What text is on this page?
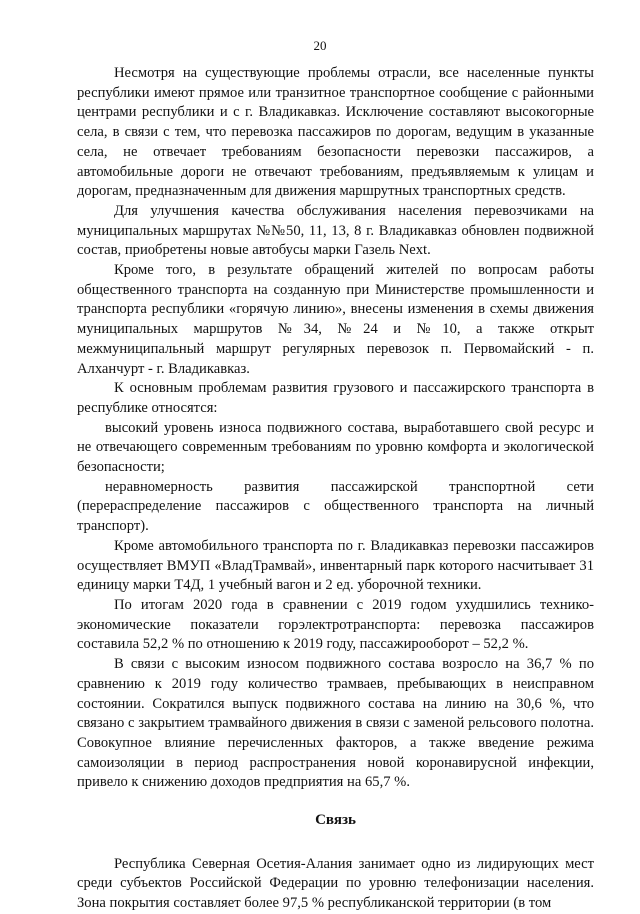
20

Несмотря на существующие проблемы отрасли, все населенные пункты республики имеют прямое или транзитное транспортное сообщение с районными центрами республики и с г. Владикавказ. Исключение составляют высокогорные села, в связи с тем, что перевозка пассажиров по дорогам, ведущим в указанные села, не отвечает требованиям безопасности перевозки пассажиров, а автомобильные дороги не отвечают требованиям, предъявляемым к улицам и дорогам, предназначенным для движения маршрутных транспортных средств.

Для улучшения качества обслуживания населения перевозчиками на муниципальных маршрутах №№50, 11, 13, 8 г. Владикавказ обновлен подвижной состав, приобретены новые автобусы марки Газель Next.

Кроме того, в результате обращений жителей по вопросам работы общественного транспорта на созданную при Министерстве промышленности и транспорта республики «горячую линию», внесены изменения в схемы движения муниципальных маршрутов №34, №24 и №10, а также открыт межмуниципальный маршрут регулярных перевозок п. Первомайский - п. Алханчурт - г. Владикавказ.

К основным проблемам развития грузового и пассажирского транспорта в республике относятся:

высокий уровень износа подвижного состава, выработавшего свой ресурс и не отвечающего современным требованиям по уровню комфорта и экологической безопасности;

неравномерность развития пассажирской транспортной сети (перераспределение пассажиров с общественного транспорта на личный транспорт).

Кроме автомобильного транспорта по г. Владикавказ перевозки пассажиров осуществляет ВМУП «ВладТрамвай», инвентарный парк которого насчитывает 31 единицу марки Т4Д, 1 учебный вагон и 2 ед. уборочной техники.

По итогам 2020 года в сравнении с 2019 годом ухудшились технико-экономические показатели горэлектротранспорта: перевозка пассажиров составила 52,2 % по отношению к 2019 году, пассажирооборот – 52,2 %.

В связи с высоким износом подвижного состава возросло на 36,7 % по сравнению к 2019 году количество трамваев, пребывающих в неисправном состоянии. Сократился выпуск подвижного состава на линию на 30,6 %, что связано с закрытием трамвайного движения в связи с заменой рельсового полотна. Совокупное влияние перечисленных факторов, а также введение режима самоизоляции в период распространения новой коронавирусной инфекции, привело к снижению доходов предприятия на 65,7 %.

Связь

Республика Северная Осетия-Алания занимает одно из лидирующих мест среди субъектов Российской Федерации по уровню телефонизации населения. Зона покрытия составляет более 97,5 % республиканской территории (в том
